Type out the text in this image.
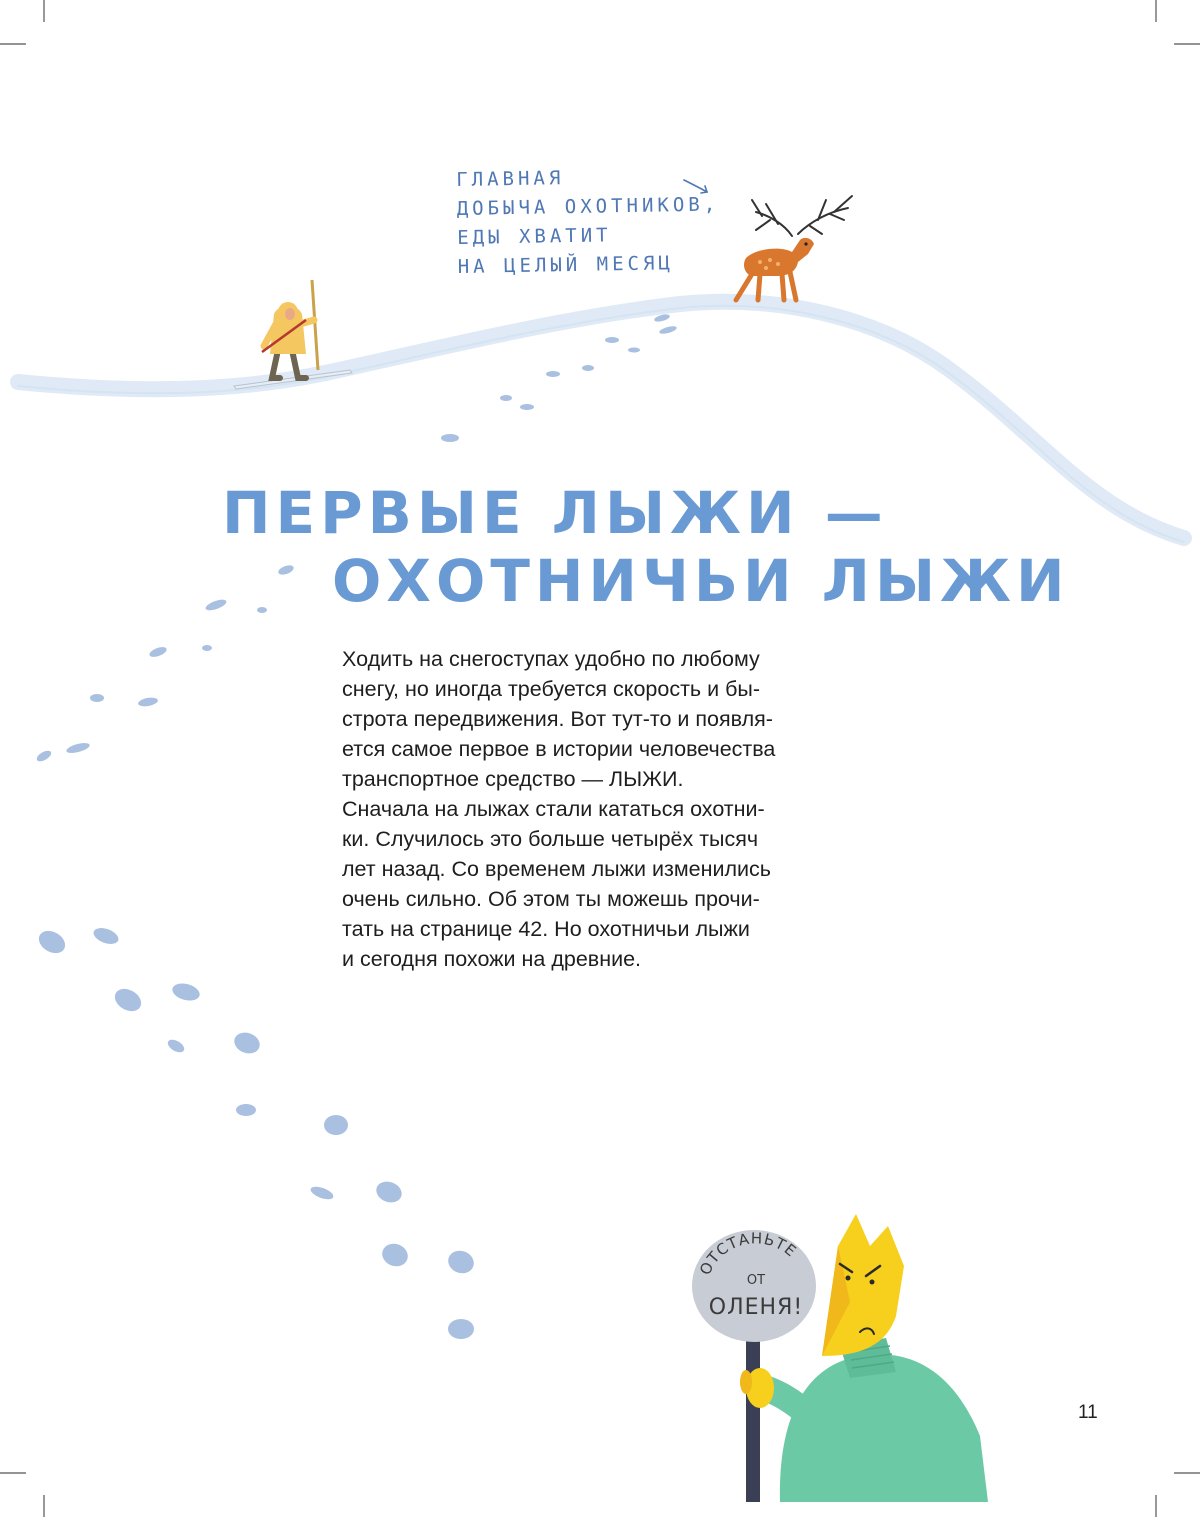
ГЛАВНАЯ
ДОБЫЧА ОХОТНИКОВ,
ЕДЫ ХВАТИТ
НА ЦЕЛЫЙ МЕСЯЦ
ПЕРВЫЕ ЛЫЖИ —
ОХОТНИЧЬИ ЛЫЖИ
Ходить на снегоступах удобно по любому
снегу, но иногда требуется скорость и бы-
строта передвижения. Вот тут-то и появля-
ется самое первое в истории человечества
транспортное средство — ЛЫЖИ.
Сначала на лыжах стали кататься охотни-
ки. Случилось это больше четырёх тысяч
лет назад. Со временем лыжи изменились
очень сильно. Об этом ты можешь прочи-
тать на странице 42. Но охотничьи лыжи
и сегодня похожи на древние.
ОТСТАНЬТЕ
ОТ
ОЛЕНЯ!
11
